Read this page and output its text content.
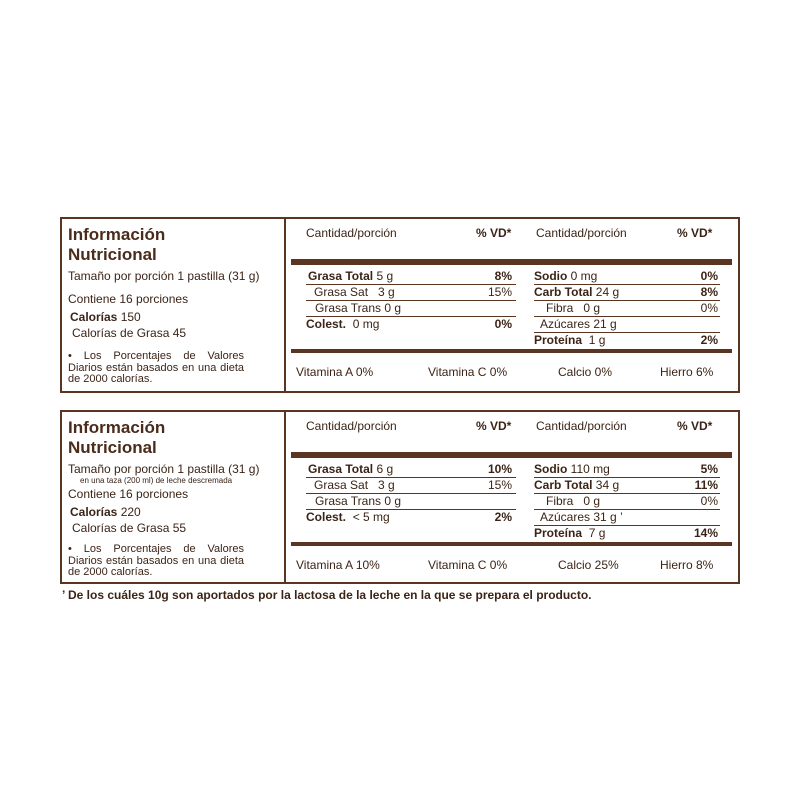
Información
Nutricional
Tamaño por porción 1 pastilla (31 g)
Contiene 16 porciones
Calorías 150
Calorías de Grasa 45
• Los Porcentajes de Valores Diarios están basados en una dieta de 2000 calorías.
Cantidad/porción	% VD* Cantidad/porción	% VD*
Grasa Total 5 g	8%
Grasa Sat 3 g	15%
Grasa Trans 0 g
Colest. 0 mg	0%
Sodio 0 mg	0%
Carb Total 24 g	8%
Fibra 0 g	0%
Azúcares 21 g
Proteína 1 g	2%
Vitamina A 0%	Vitamina C 0%	Calcio 0%	Hierro 6%
Información
Nutricional
Tamaño por porción 1 pastilla (31 g)
en una taza (200 ml) de leche descremada
Contiene 16 porciones
Calorías 220
Calorías de Grasa 55
• Los Porcentajes de Valores Diarios están basados en una dieta de 2000 calorías.
Cantidad/porción	% VD* Cantidad/porción	% VD*
Grasa Total 6 g	10%
Grasa Sat 3 g	15%
Grasa Trans 0 g
Colest. < 5 mg	2%
Sodio 110 mg	5%
Carb Total 34 g	11%
Fibra 0 g	0%
Azúcares 31 g ’
Proteína 7 g	14%
Vitamina A 10%	Vitamina C 0%	Calcio 25%	Hierro 8%
’ De los cuáles 10g son aportados por la lactosa de la leche en la que se prepara el producto.
